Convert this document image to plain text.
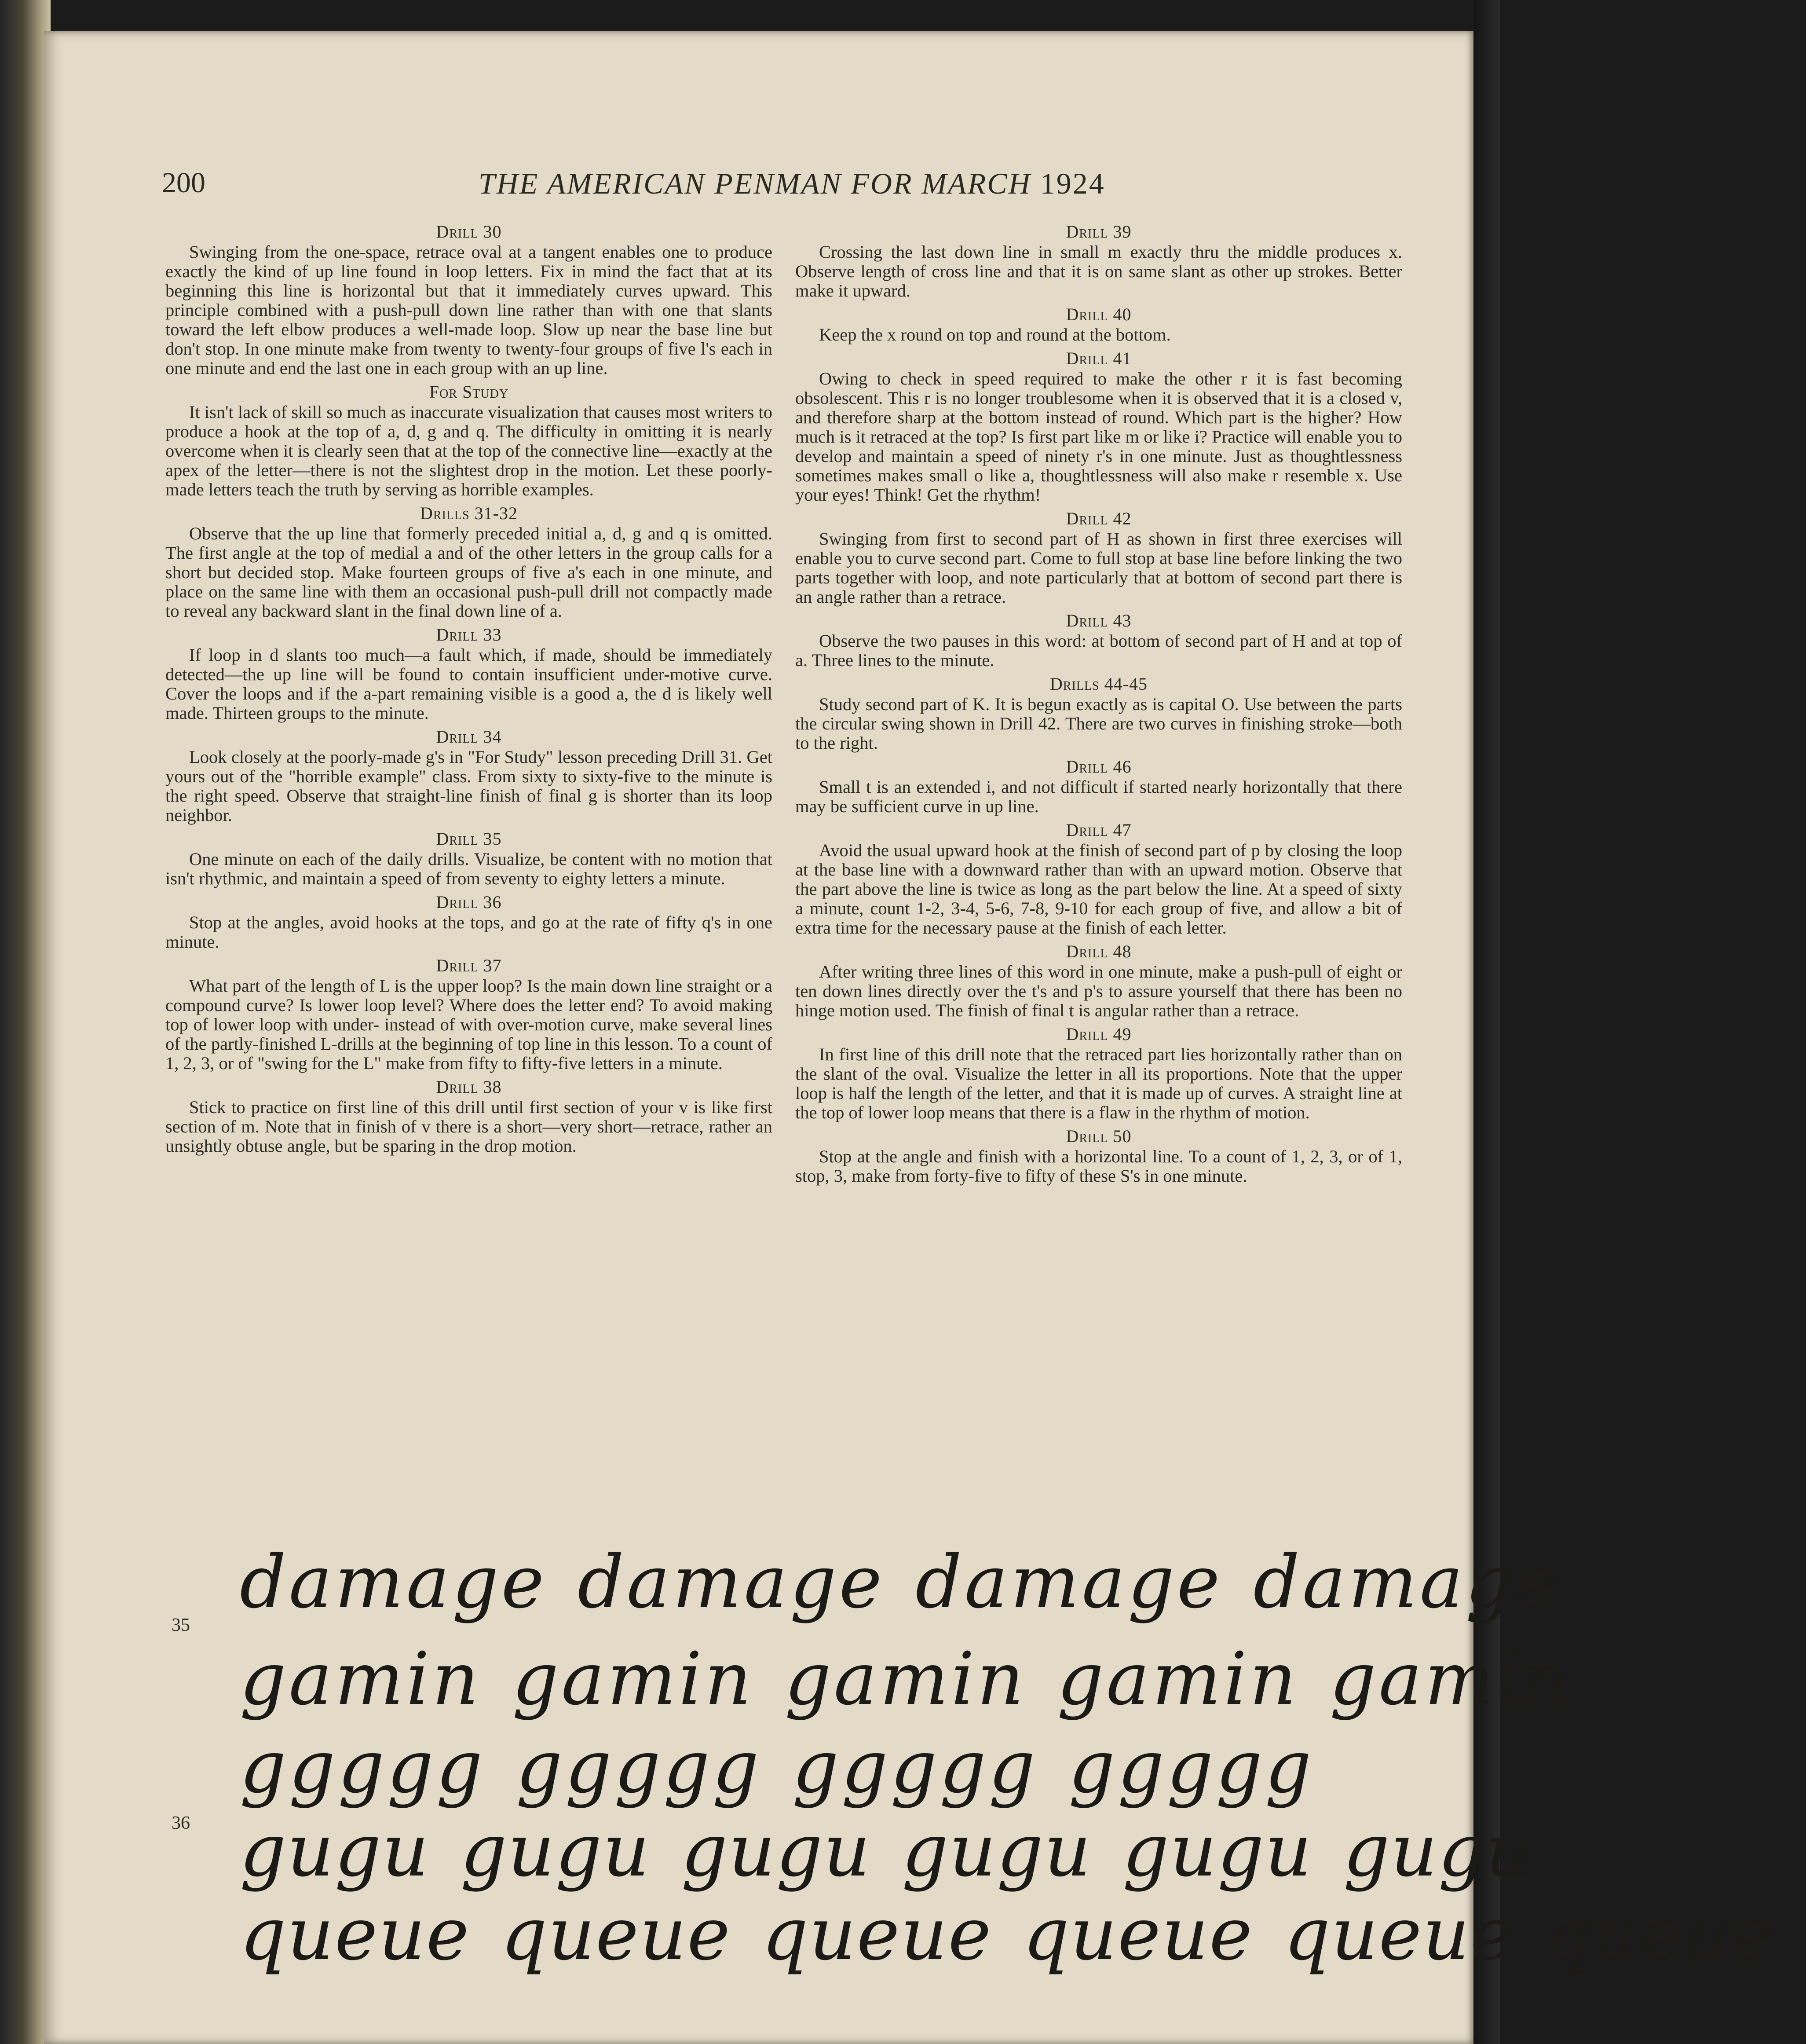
200	THE AMERICAN PENMAN FOR MARCH 1924
Drill 30

Swinging from the one-space, retrace oval at a tangent enables one to produce exactly the kind of up line found in loop letters. Fix in mind the fact that at its beginning this line is horizontal but that it immediately curves upward. This principle combined with a push-pull down line rather than with one that slants toward the left elbow produces a well-made loop. Slow up near the base line but don't stop. In one minute make from twenty to twenty-four groups of five l's each in one minute and end the last one in each group with an up line.

For Study

It isn't lack of skill so much as inaccurate visualization that causes most writers to produce a hook at the top of a, d, g and q. The difficulty in omitting it is nearly overcome when it is clearly seen that at the top of the connective line—exactly at the apex of the letter—there is not the slightest drop in the motion. Let these poorly-made letters teach the truth by serving as horrible examples.

Drills 31-32

Observe that the up line that formerly preceded initial a, d, g and q is omitted. The first angle at the top of medial a and of the other letters in the group calls for a short but decided stop. Make fourteen groups of five a's each in one minute, and place on the same line with them an occasional push-pull drill not compactly made to reveal any backward slant in the final down line of a.

Drill 33

If loop in d slants too much—a fault which, if made, should be immediately detected—the up line will be found to contain insufficient under-motive curve. Cover the loops and if the a-part remaining visible is a good a, the d is likely well made. Thirteen groups to the minute.

Drill 34

Look closely at the poorly-made g's in "For Study" lesson preceding Drill 31. Get yours out of the "horrible example" class. From sixty to sixty-five to the minute is the right speed. Observe that straight-line finish of final g is shorter than its loop neighbor.

Drill 35

One minute on each of the daily drills. Visualize, be content with no motion that isn't rhythmic, and maintain a speed of from seventy to eighty letters a minute.

Drill 36

Stop at the angles, avoid hooks at the tops, and go at the rate of fifty q's in one minute.

Drill 37

What part of the length of L is the upper loop? Is the main down line straight or a compound curve? Is lower loop level? Where does the letter end? To avoid making top of lower loop with under- instead of with over-motion curve, make several lines of the partly-finished L-drills at the beginning of top line in this lesson. To a count of 1, 2, 3, or of "swing for the L" make from fifty to fifty-five letters in a minute.

Drill 38

Stick to practice on first line of this drill until first section of your v is like first section of m. Note that in finish of v there is a short—very short—retrace, rather an unsightly obtuse angle, but be sparing in the drop motion.

Drill 39

Crossing the last down line in small m exactly thru the middle produces x. Observe length of cross line and that it is on same slant as other up strokes. Better make it upward.

Drill 40

Keep the x round on top and round at the bottom.

Drill 41

Owing to check in speed required to make the other r it is fast becoming obsolescent. This r is no longer troublesome when it is observed that it is a closed v, and therefore sharp at the bottom instead of round. Which part is the higher? How much is it retraced at the top? Is first part like m or like i? Practice will enable you to develop and maintain a speed of ninety r's in one minute. Just as thoughtlessness sometimes makes small o like a, thoughtlessness will also make r resemble x. Use your eyes! Think! Get the rhythm!

Drill 42

Swinging from first to second part of H as shown in first three exercises will enable you to curve second part. Come to full stop at base line before linking the two parts together with loop, and note particularly that at bottom of second part there is an angle rather than a retrace.

Drill 43

Observe the two pauses in this word: at bottom of second part of H and at top of a. Three lines to the minute.

Drills 44-45

Study second part of K. It is begun exactly as is capital O. Use between the parts the circular swing shown in Drill 42. There are two curves in finishing stroke—both to the right.

Drill 46

Small t is an extended i, and not difficult if started nearly horizontally that there may be sufficient curve in up line.

Drill 47

Avoid the usual upward hook at the finish of second part of p by closing the loop at the base line with a downward rather than with an upward motion. Observe that the part above the line is twice as long as the part below the line. At a speed of sixty a minute, count 1-2, 3-4, 5-6, 7-8, 9-10 for each group of five, and allow a bit of extra time for the necessary pause at the finish of each letter.

Drill 48

After writing three lines of this word in one minute, make a push-pull of eight or ten down lines directly over the t's and p's to assure yourself that there has been no hinge motion used. The finish of final t is angular rather than a retrace.

Drill 49

In first line of this drill note that the retraced part lies horizontally rather than on the slant of the oval. Visualize the letter in all its proportions. Note that the upper loop is half the length of the letter, and that it is made up of curves. A straight line at the top of lower loop means that there is a flaw in the rhythm of motion.

Drill 50

Stop at the angle and finish with a horizontal line. To a count of 1, 2, 3, or of 1, stop, 3, make from forty-five to fifty of these S's in one minute.

35
damage damage damage damage
gamin gamin gamin gamin gamin
36
ggggg ggggg ggggg ggggg
gugu gugu gugu gugu gugu gugu
queue queue queue queue queue queue
